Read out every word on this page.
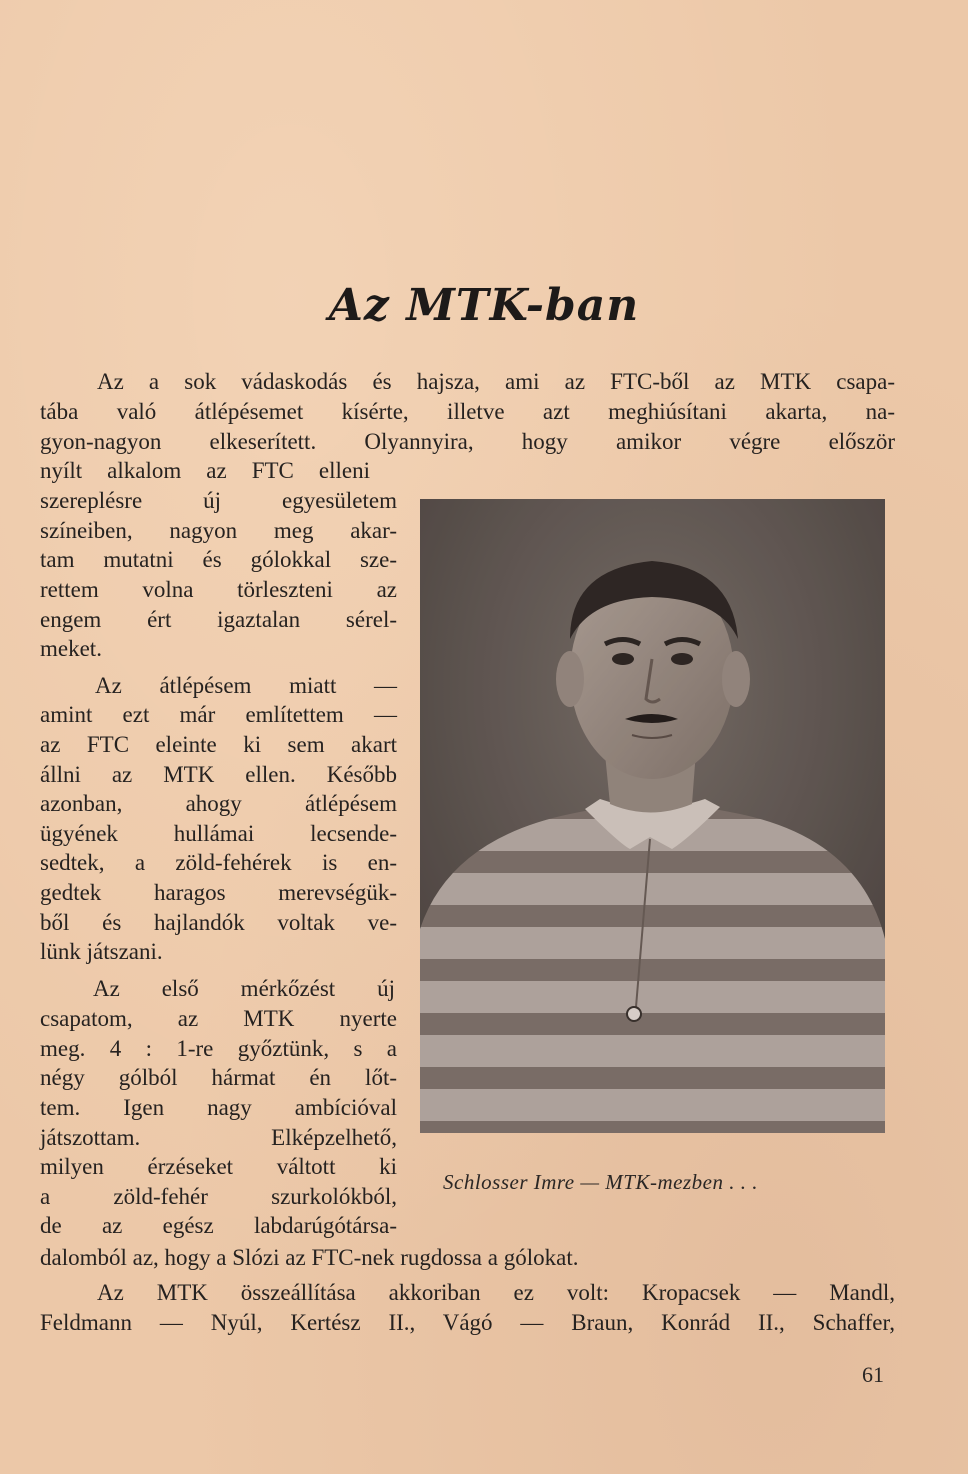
Az MTK-ban

Az a sok vádaskodás és hajsza, ami az FTC-ből az MTK csapa-

tába való átlépésemet kísérte, illetve azt meghiúsítani akarta, na-

gyon-nagyon elkeserített. Olyannyira, hogy amikor végre először

nyílt alkalom az FTC elleni

szereplésre új egyesületem

színeiben, nagyon meg akar-

tam mutatni és gólokkal sze-

rettem volna törleszteni az

engem ért igaztalan sérel-

meket.

Az átlépésem miatt —

amint ezt már említettem —

az FTC eleinte ki sem akart

állni az MTK ellen. Később

azonban, ahogy átlépésem

ügyének hullámai lecsende-

sedtek, a zöld-fehérek is en-

gedtek haragos merevségük-

ből és hajlandók voltak ve-

lünk játszani.

Az első mérkőzést új

csapatom, az MTK nyerte

meg. 4 : 1-re győztünk, s a

négy gólból hármat én lőt-

tem. Igen nagy ambícióval

játszottam. Elképzelhető,

milyen érzéseket váltott ki

a zöld-fehér szurkolókból,

de az egész labdarúgótársa-

dalomból az, hogy a Slózi az FTC-nek rugdossa a gólokat.

Az MTK összeállítása akkoriban ez volt: Kropacsek — Mandl,

Feldmann — Nyúl, Kertész II., Vágó — Braun, Konrád II., Schaffer,

Schlosser Imre — MTK-mezben . . .
61
